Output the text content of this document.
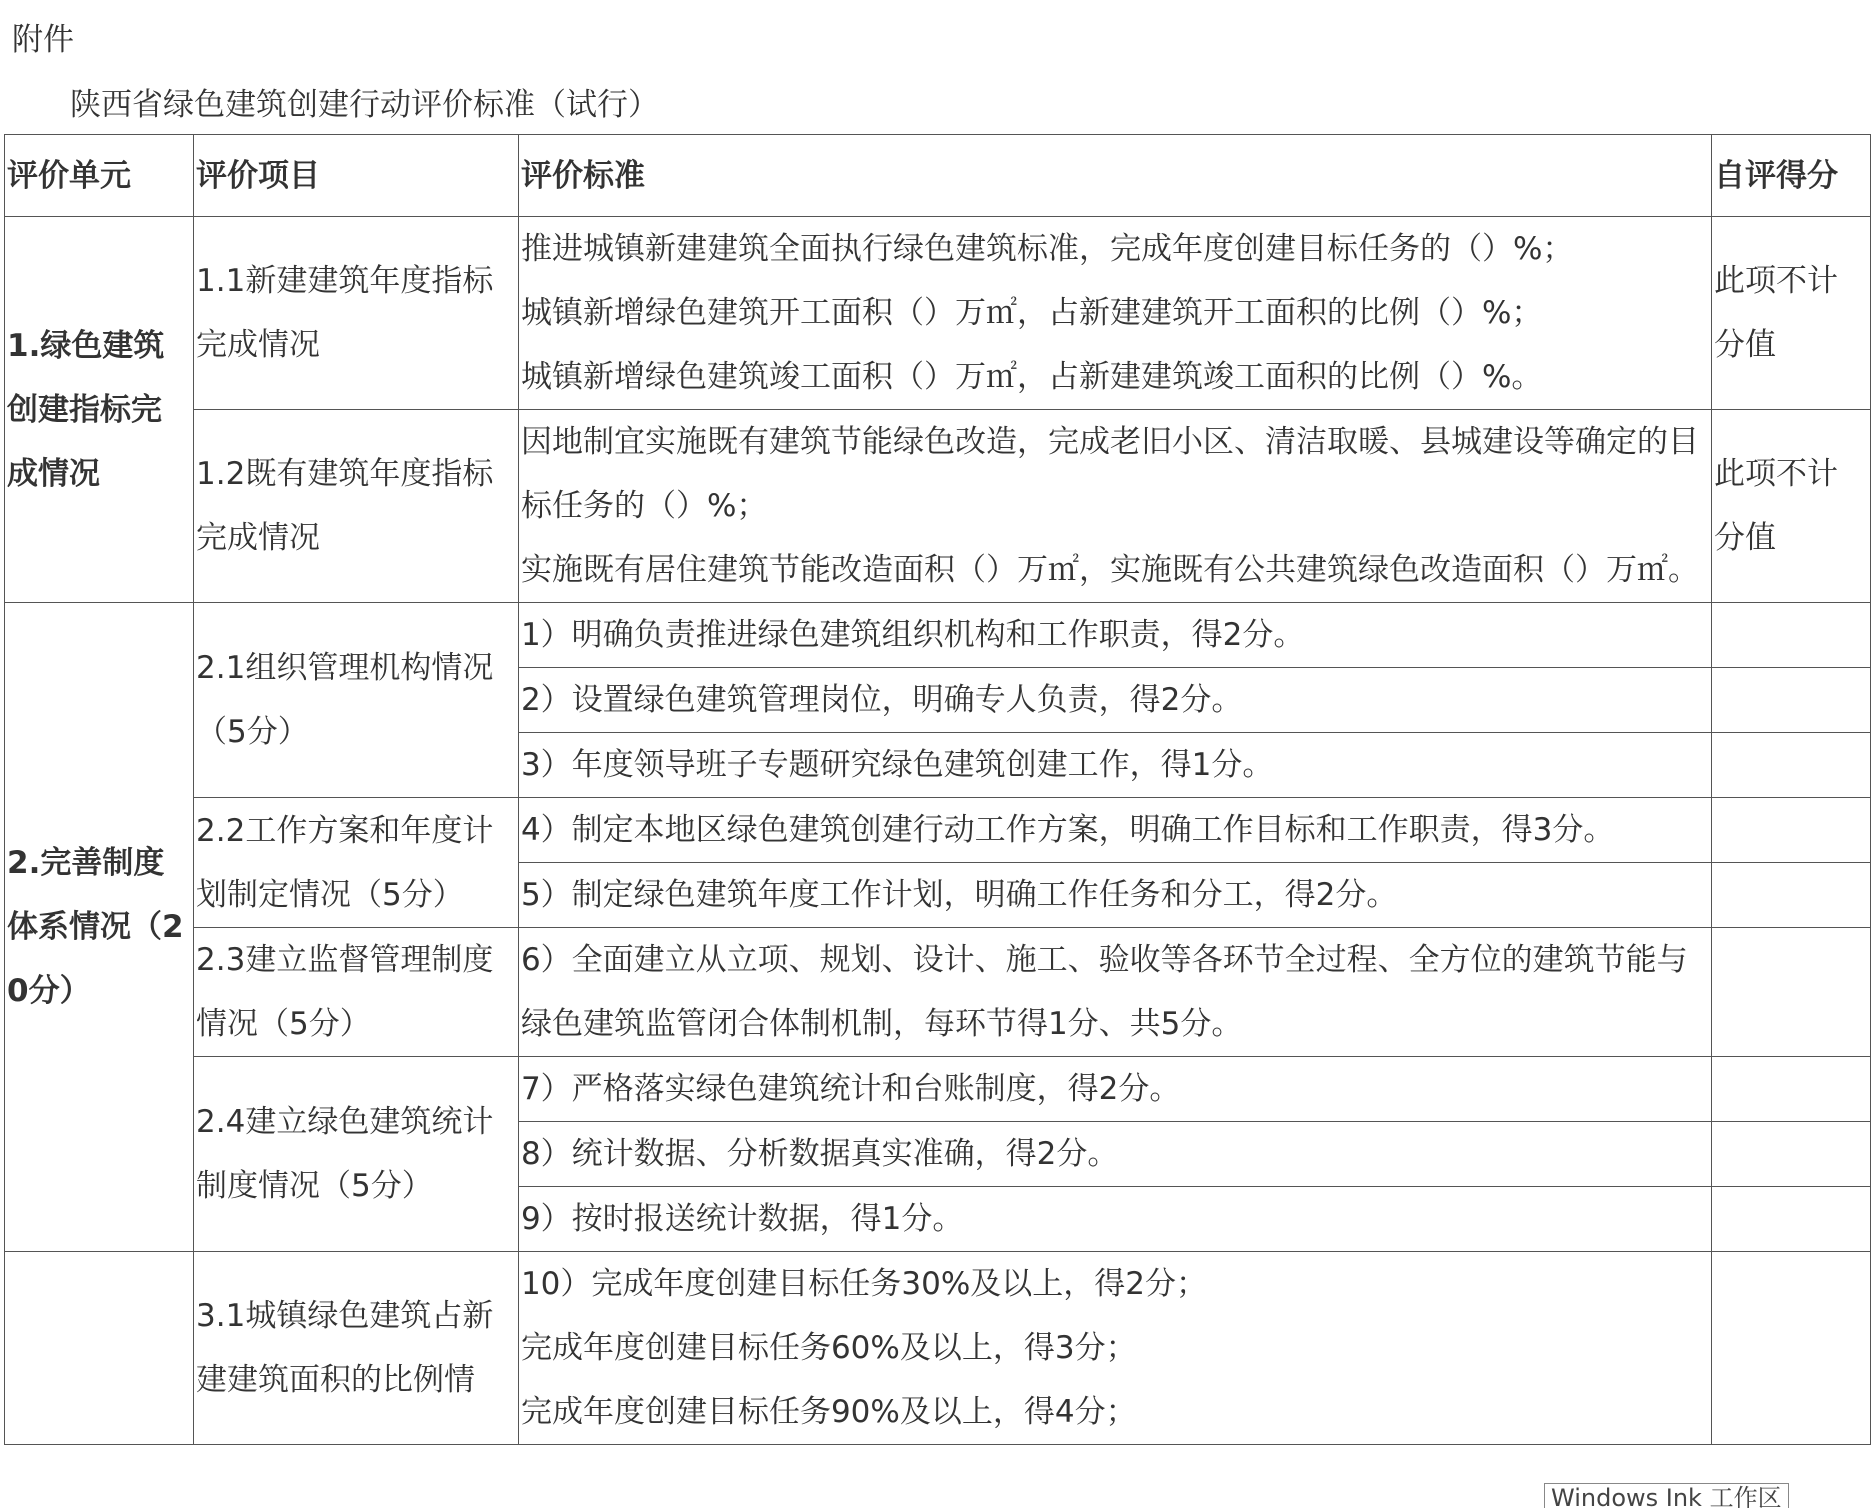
附件
陕西省绿色建筑创建行动评价标准（试行）
评价单元	评价项目	评价标准	自评得分
1.绿色建筑创建指标完成情况	1.1新建建筑年度指标完成情况	推进城镇新建建筑全面执行绿色建筑标准，完成年度创建目标任务的（）%；
城镇新增绿色建筑开工面积（）万㎡，占新建建筑开工面积的比例（）%；
城镇新增绿色建筑竣工面积（）万㎡，占新建建筑竣工面积的比例（）%。	此项不计分值
	1.2既有建筑年度指标完成情况	因地制宜实施既有建筑节能绿色改造，完成老旧小区、清洁取暖、县城建设等确定的目标任务的（）%；
实施既有居住建筑节能改造面积（）万㎡，实施既有公共建筑绿色改造面积（）万㎡。	此项不计分值
2.完善制度体系情况（20分）	2.1组织管理机构情况（5分）	1）明确负责推进绿色建筑组织机构和工作职责，得2分。	
		2）设置绿色建筑管理岗位，明确专人负责，得2分。	
		3）年度领导班子专题研究绿色建筑创建工作，得1分。	
	2.2工作方案和年度计划制定情况（5分）	4）制定本地区绿色建筑创建行动工作方案，明确工作目标和工作职责，得3分。	
		5）制定绿色建筑年度工作计划，明确工作任务和分工，得2分。	
	2.3建立监督管理制度情况（5分）	6）全面建立从立项、规划、设计、施工、验收等各环节全过程、全方位的建筑节能与绿色建筑监管闭合体制机制，每环节得1分、共5分。	
	2.4建立绿色建筑统计制度情况（5分）	7）严格落实绿色建筑统计和台账制度，得2分。	
		8）统计数据、分析数据真实准确，得2分。	
		9）按时报送统计数据，得1分。	
	3.1城镇绿色建筑占新建建筑面积的比例情	10）完成年度创建目标任务30%及以上，得2分；
完成年度创建目标任务60%及以上，得3分；
完成年度创建目标任务90%及以上，得4分；	

Windows Ink 工作区
